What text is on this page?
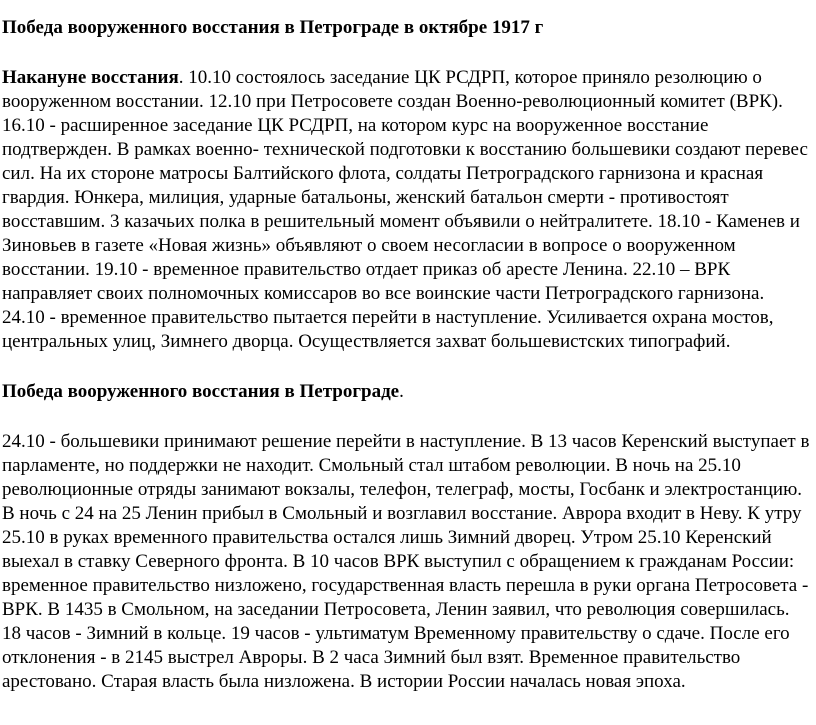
Победа вооруженного восстания в Петрограде в октябре 1917 г
Накануне восстания. 10.10 состоялось заседание ЦК РСДРП, которое приняло резолюцию о вооруженном восстании. 12.10 при Петросовете создан Военно-революционный комитет (ВРК). 16.10 - расширенное заседание ЦК РСДРП, на котором курс на вооруженное восстание подтвержден. В рамках военно- технической подготовки к восстанию большевики создают перевес сил. На их стороне матросы Балтийского флота, солдаты Петроградского гарнизона и красная гвардия. Юнкера, милиция, ударные батальоны, женский батальон смерти - противостоят восставшим. 3 казачьих полка в решительный момент объявили о нейтралитете. 18.10 - Каменев и Зиновьев в газете «Новая жизнь» объявляют о своем несогласии в вопросе о вооруженном восстании. 19.10 - временное правительство отдает приказ об аресте Ленина. 22.10 – ВРК направляет своих полномочных комиссаров во все воинские части Петроградского гарнизона. 24.10 - временное правительство пытается перейти в наступление. Усиливается охрана мостов, центральных улиц, Зимнего дворца. Осуществляется захват большевистских типографий.
Победа вооруженного восстания в Петрограде.
24.10 - большевики принимают решение перейти в наступление. В 13 часов Керенский выступает в парламенте, но поддержки не находит. Смольный стал штабом революции. В ночь на 25.10 революционные отряды занимают вокзалы, телефон, телеграф, мосты, Госбанк и электростанцию. В ночь с 24 на 25 Ленин прибыл в Смольный и возглавил восстание. Аврора входит в Неву. К утру 25.10 в руках временного правительства остался лишь Зимний дворец. Утром 25.10 Керенский выехал в ставку Северного фронта. В 10 часов ВРК выступил с обращением к гражданам России: временное правительство низложено, государственная власть перешла в руки органа Петросовета - ВРК. В 1435 в Смольном, на заседании Петросовета, Ленин заявил, что революция совершилась. 18 часов - Зимний в кольце. 19 часов - ультиматум Временному правительству о сдаче. После его отклонения - в 2145 выстрел Авроры. В 2 часа Зимний был взят. Временное правительство арестовано. Старая власть была низложена. В истории России началась новая эпоха.
